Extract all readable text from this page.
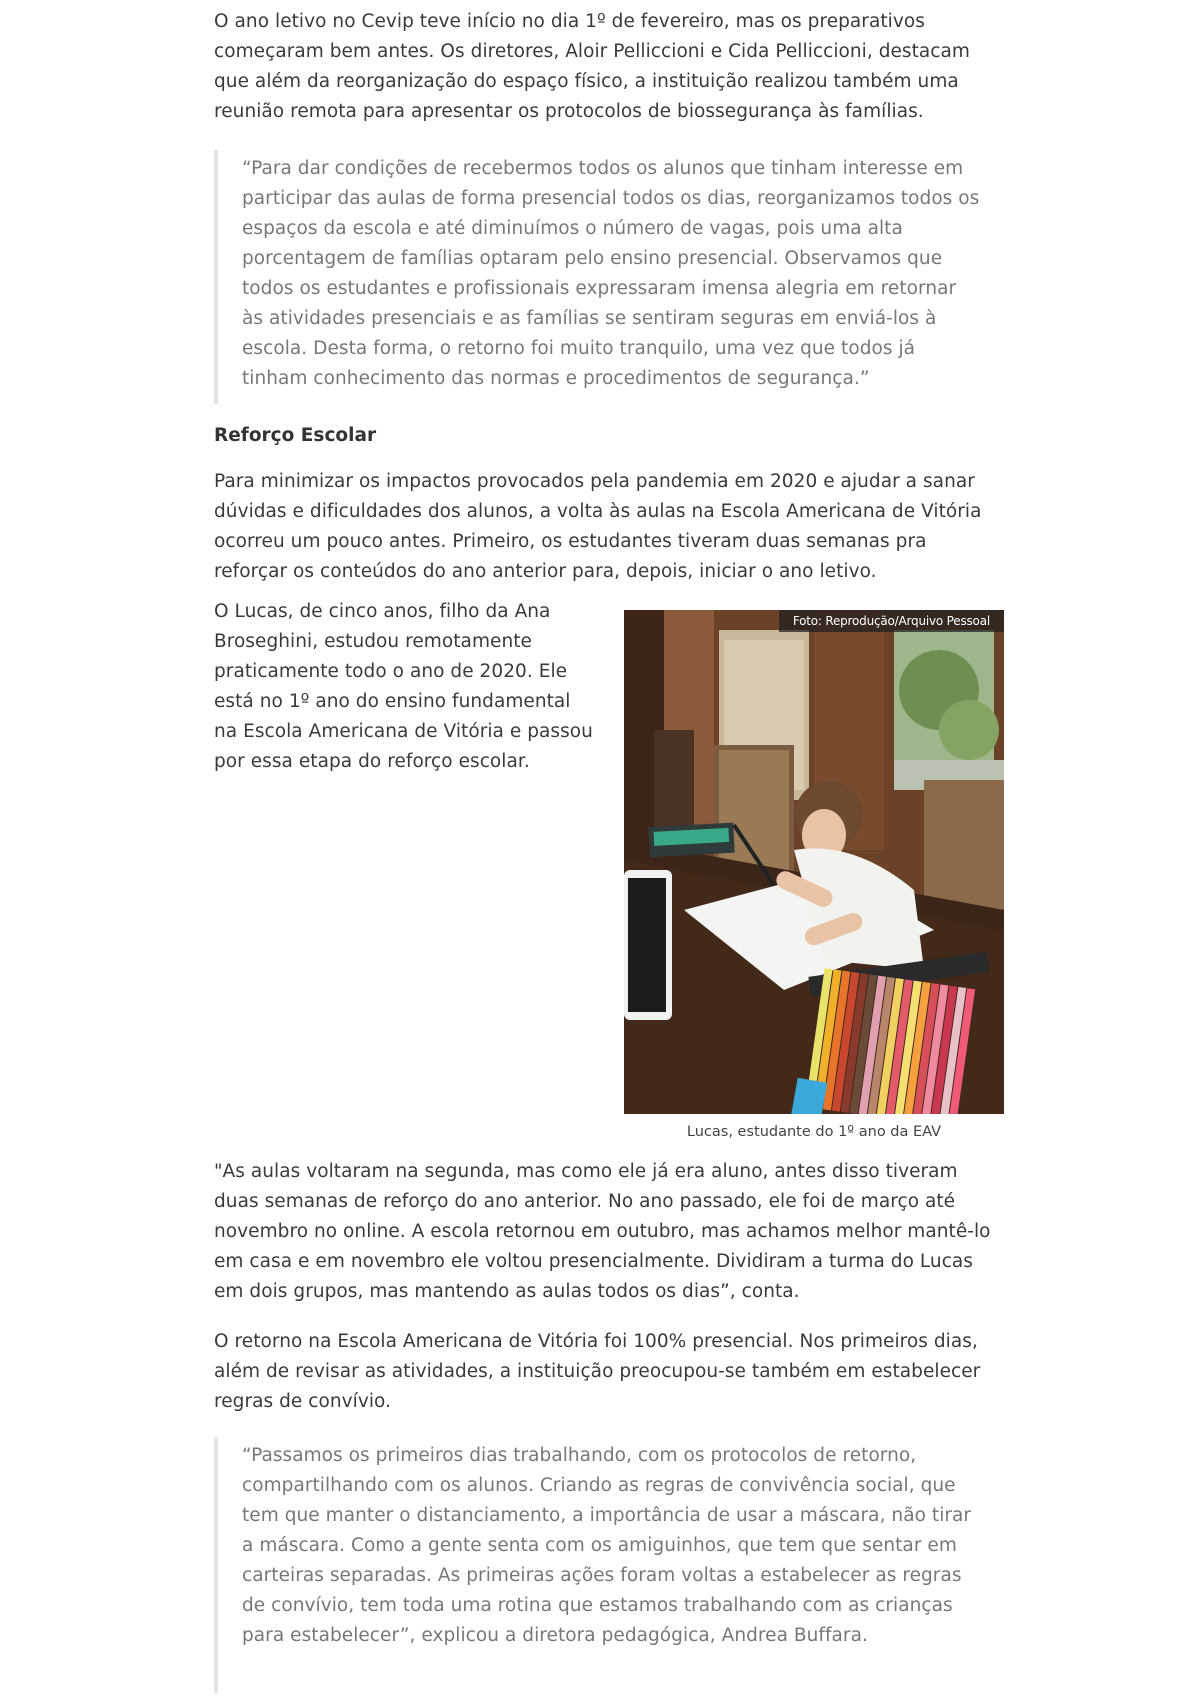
O ano letivo no Cevip teve início no dia 1º de fevereiro, mas os preparativos começaram bem antes. Os diretores, Aloir Pelliccioni e Cida Pelliccioni, destacam que além da reorganização do espaço físico, a instituição realizou também uma reunião remota para apresentar os protocolos de biossegurança às famílias.

“Para dar condições de recebermos todos os alunos que tinham interesse em participar das aulas de forma presencial todos os dias, reorganizamos todos os espaços da escola e até diminuímos o número de vagas, pois uma alta porcentagem de famílias optaram pelo ensino presencial. Observamos que todos os estudantes e profissionais expressaram imensa alegria em retornar às atividades presenciais e as famílias se sentiram seguras em enviá-los à escola. Desta forma, o retorno foi muito tranquilo, uma vez que todos já tinham conhecimento das normas e procedimentos de segurança.”

Reforço Escolar

Para minimizar os impactos provocados pela pandemia em 2020 e ajudar a sanar dúvidas e dificuldades dos alunos, a volta às aulas na Escola Americana de Vitória ocorreu um pouco antes. Primeiro, os estudantes tiveram duas semanas pra reforçar os conteúdos do ano anterior para, depois, iniciar o ano letivo.

O Lucas, de cinco anos, filho da Ana Broseghini, estudou remotamente praticamente todo o ano de 2020. Ele está no 1º ano do ensino fundamental na Escola Americana de Vitória e passou por essa etapa do reforço escolar.

Foto: Reprodução/Arquivo Pessoal
Lucas, estudante do 1º ano da EAV

"As aulas voltaram na segunda, mas como ele já era aluno, antes disso tiveram duas semanas de reforço do ano anterior. No ano passado, ele foi de março até novembro no online. A escola retornou em outubro, mas achamos melhor mantê-lo em casa e em novembro ele voltou presencialmente. Dividiram a turma do Lucas em dois grupos, mas mantendo as aulas todos os dias”, conta.

O retorno na Escola Americana de Vitória foi 100% presencial. Nos primeiros dias, além de revisar as atividades, a instituição preocupou-se também em estabelecer regras de convívio.

“Passamos os primeiros dias trabalhando, com os protocolos de retorno, compartilhando com os alunos. Criando as regras de convivência social, que tem que manter o distanciamento, a importância de usar a máscara, não tirar a máscara. Como a gente senta com os amiguinhos, que tem que sentar em carteiras separadas. As primeiras ações foram voltas a estabelecer as regras de convívio, tem toda uma rotina que estamos trabalhando com as crianças para estabelecer”, explicou a diretora pedagógica, Andrea Buffara.
